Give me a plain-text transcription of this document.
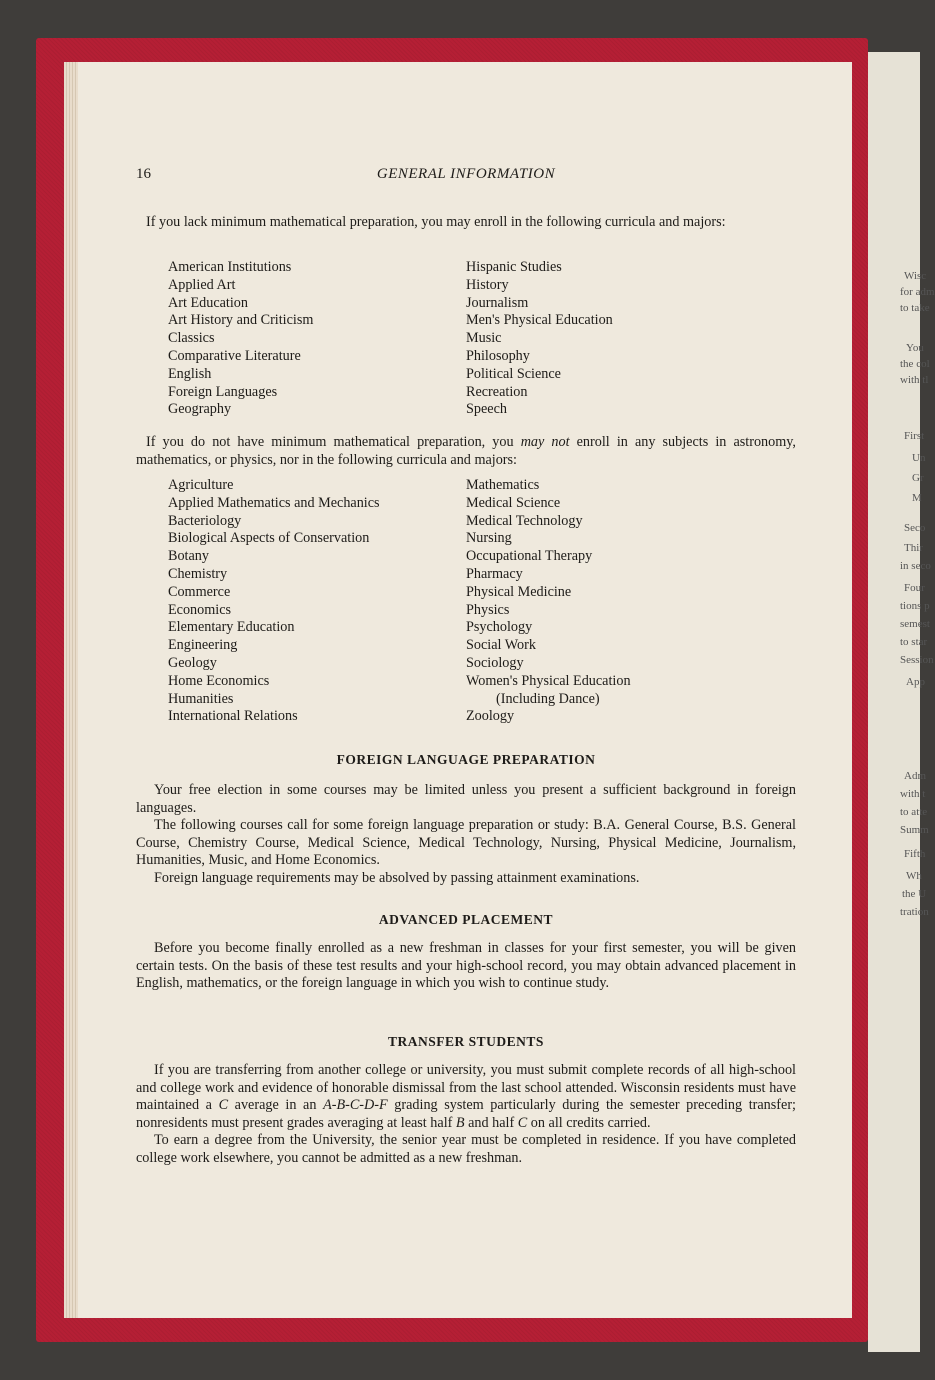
Wisc
for adm
to take
You
the col
with tl
First
Un
Gr
M
Seco
Thir
in seco
Four
tions p
semest
to star
Session
App
Adm
with t
to atte
Summ
Fifth
Wh
the U
tration
16	GENERAL INFORMATION
If you lack minimum mathematical preparation, you may enroll in the following curricula and majors:
American Institutions
Applied Art
Art Education
Art History and Criticism
Classics
Comparative Literature
English
Foreign Languages
Geography
Hispanic Studies
History
Journalism
Men's Physical Education
Music
Philosophy
Political Science
Recreation
Speech
If you do not have minimum mathematical preparation, you may not enroll in any subjects in astronomy, mathematics, or physics, nor in the following curricula and majors:
Agriculture
Applied Mathematics and Mechanics
Bacteriology
Biological Aspects of Conservation
Botany
Chemistry
Commerce
Economics
Elementary Education
Engineering
Geology
Home Economics
Humanities
International Relations
Mathematics
Medical Science
Medical Technology
Nursing
Occupational Therapy
Pharmacy
Physical Medicine
Physics
Psychology
Social Work
Sociology
Women's Physical Education
(Including Dance)
Zoology
FOREIGN LANGUAGE PREPARATION

Your free election in some courses may be limited unless you present a sufficient background in foreign languages.

The following courses call for some foreign language preparation or study: B.A. General Course, B.S. General Course, Chemistry Course, Medical Science, Medical Technology, Nursing, Physical Medicine, Journalism, Humanities, Music, and Home Economics.

Foreign language requirements may be absolved by passing attainment examinations.

ADVANCED PLACEMENT

Before you become finally enrolled as a new freshman in classes for your first semester, you will be given certain tests. On the basis of these test results and your high-school record, you may obtain advanced placement in English, mathematics, or the foreign language in which you wish to continue study.

TRANSFER STUDENTS

If you are transferring from another college or university, you must submit complete records of all high-school and college work and evidence of honorable dismissal from the last school attended. Wisconsin residents must have maintained a C average in an A-B-C-D-F grading system particularly during the semester preceding transfer; nonresidents must present grades averaging at least half B and half C on all credits carried.

To earn a degree from the University, the senior year must be completed in residence. If you have completed college work elsewhere, you cannot be admitted as a new freshman.
